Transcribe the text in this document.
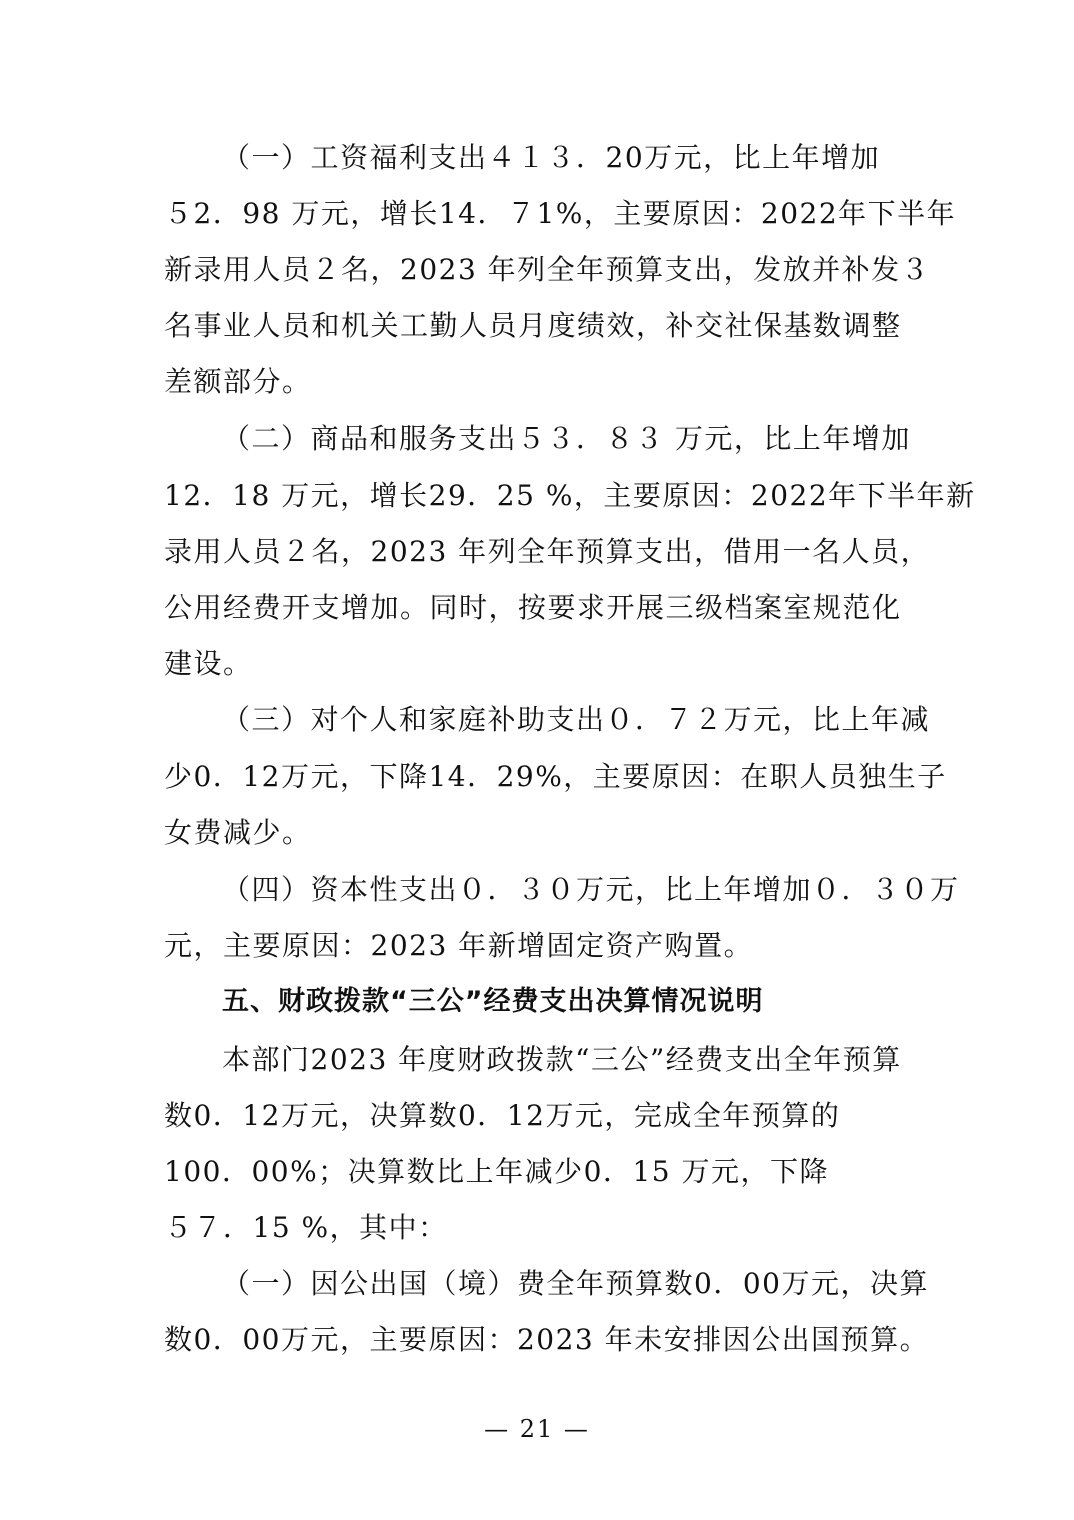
（一）工资福利支出４１３．20万元，比上年增加
５2．98 万元，增长14．７1%，主要原因：2022年下半年
新录用人员２名，2023 年列全年预算支出，发放并补发３
名事业人员和机关工勤人员月度绩效，补交社保基数调整
差额部分。
（二）商品和服务支出５３．８３ 万元，比上年增加
12．18 万元，增长29．25 %，主要原因：2022年下半年新
录用人员２名，2023 年列全年预算支出，借用一名人员，
公用经费开支增加。同时，按要求开展三级档案室规范化
建设。
（三）对个人和家庭补助支出０．７２万元，比上年减
少0．12万元，下降14．29%，主要原因：在职人员独生子
女费减少。
（四）资本性支出０．３０万元，比上年增加０．３０万
元，主要原因：2023 年新增固定资产购置。
五、财政拨款“三公”经费支出决算情况说明
本部门2023 年度财政拨款“三公”经费支出全年预算
数0．12万元，决算数0．12万元，完成全年预算的
100．00%；决算数比上年减少0．15 万元，下降
５７．15 %，其中：
（一）因公出国（境）费全年预算数0．00万元，决算
数0．00万元，主要原因：2023 年未安排因公出国预算。
— 21 —
